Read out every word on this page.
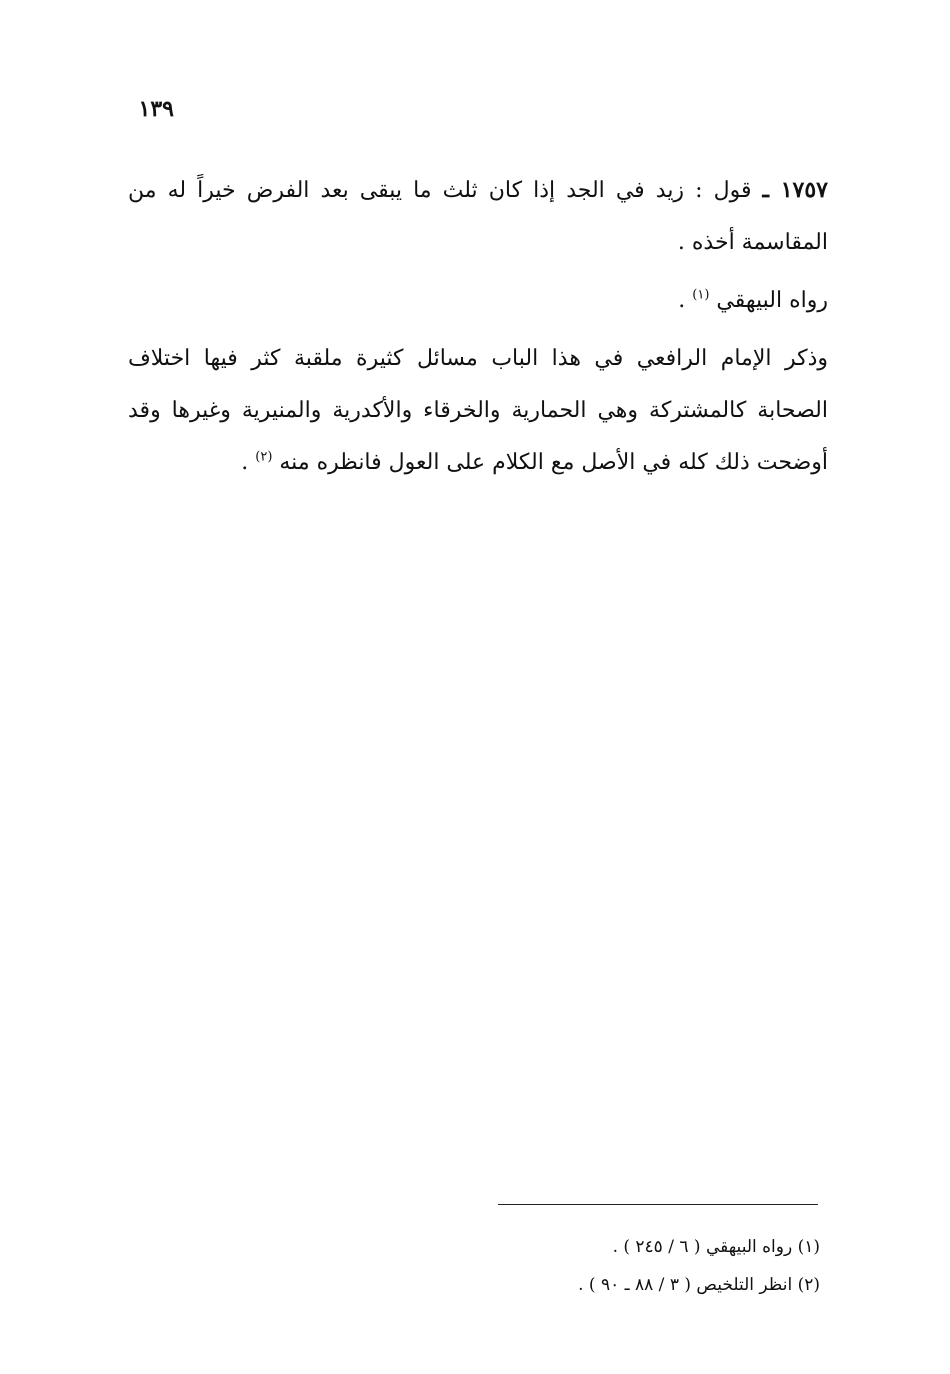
١٣٩

١٧٥٧ ـ قول : زيد في الجد إذا كان ثلث ما يبقى بعد الفرض خيراً له من المقاسمة أخذه .

رواه البيهقي $^{(١)}$ .

وذكر الإمام الرافعي في هذا الباب مسائل كثيرة ملقبة كثر فيها اختلاف الصحابة كالمشتركة وهي الحمارية والخرقاء والأكدرية والمنيرية وغيرها وقد أوضحت ذلك كله في الأصل مع الكلام على العول فانظره منه $^{(٢)}$ .

(١) رواه البيهقي ( ٦ / ٢٤٥ ) .

(٢) انظر التلخيص ( ٣ / ٨٨ ـ ٩٠ ) .
